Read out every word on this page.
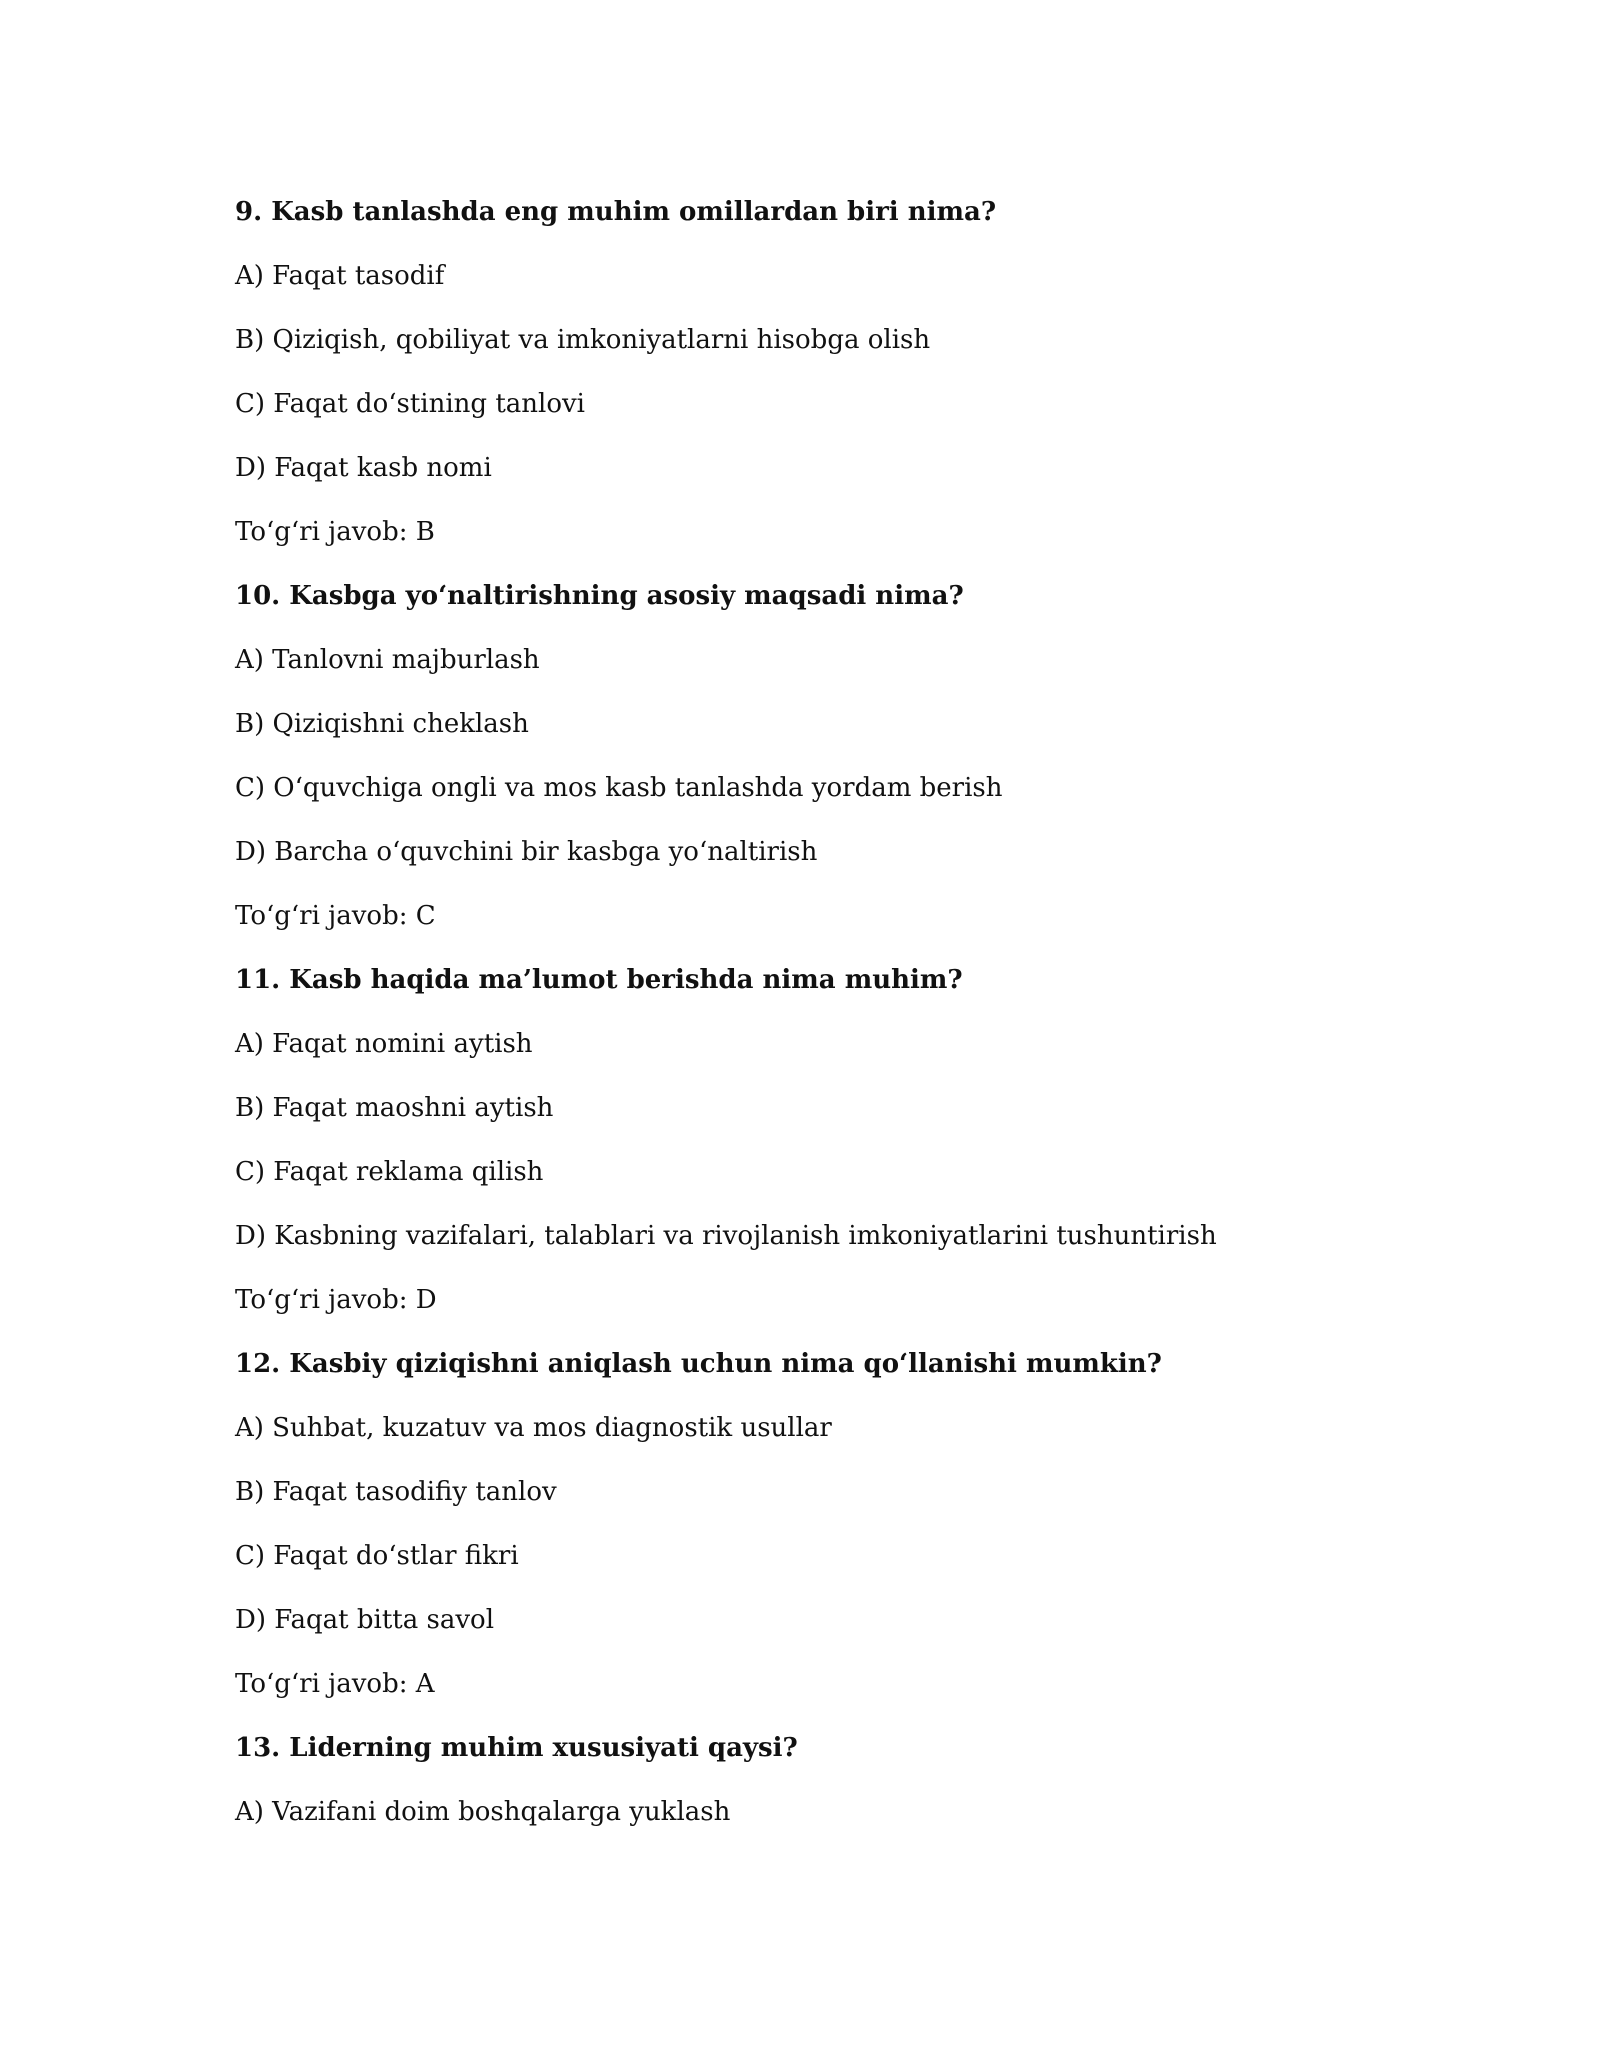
9. Kasb tanlashda eng muhim omillardan biri nima?
A) Faqat tasodif
B) Qiziqish, qobiliyat va imkoniyatlarni hisobga olish
C) Faqat do‘stining tanlovi
D) Faqat kasb nomi
To‘g‘ri javob: B
10. Kasbga yo‘naltirishning asosiy maqsadi nima?
A) Tanlovni majburlash
B) Qiziqishni cheklash
C) O‘quvchiga ongli va mos kasb tanlashda yordam berish
D) Barcha o‘quvchini bir kasbga yo‘naltirish
To‘g‘ri javob: C
11. Kasb haqida ma’lumot berishda nima muhim?
A) Faqat nomini aytish
B) Faqat maoshni aytish
C) Faqat reklama qilish
D) Kasbning vazifalari, talablari va rivojlanish imkoniyatlarini tushuntirish
To‘g‘ri javob: D
12. Kasbiy qiziqishni aniqlash uchun nima qo‘llanishi mumkin?
A) Suhbat, kuzatuv va mos diagnostik usullar
B) Faqat tasodifiy tanlov
C) Faqat do‘stlar fikri
D) Faqat bitta savol
To‘g‘ri javob: A
13. Liderning muhim xususiyati qaysi?
A) Vazifani doim boshqalarga yuklash
